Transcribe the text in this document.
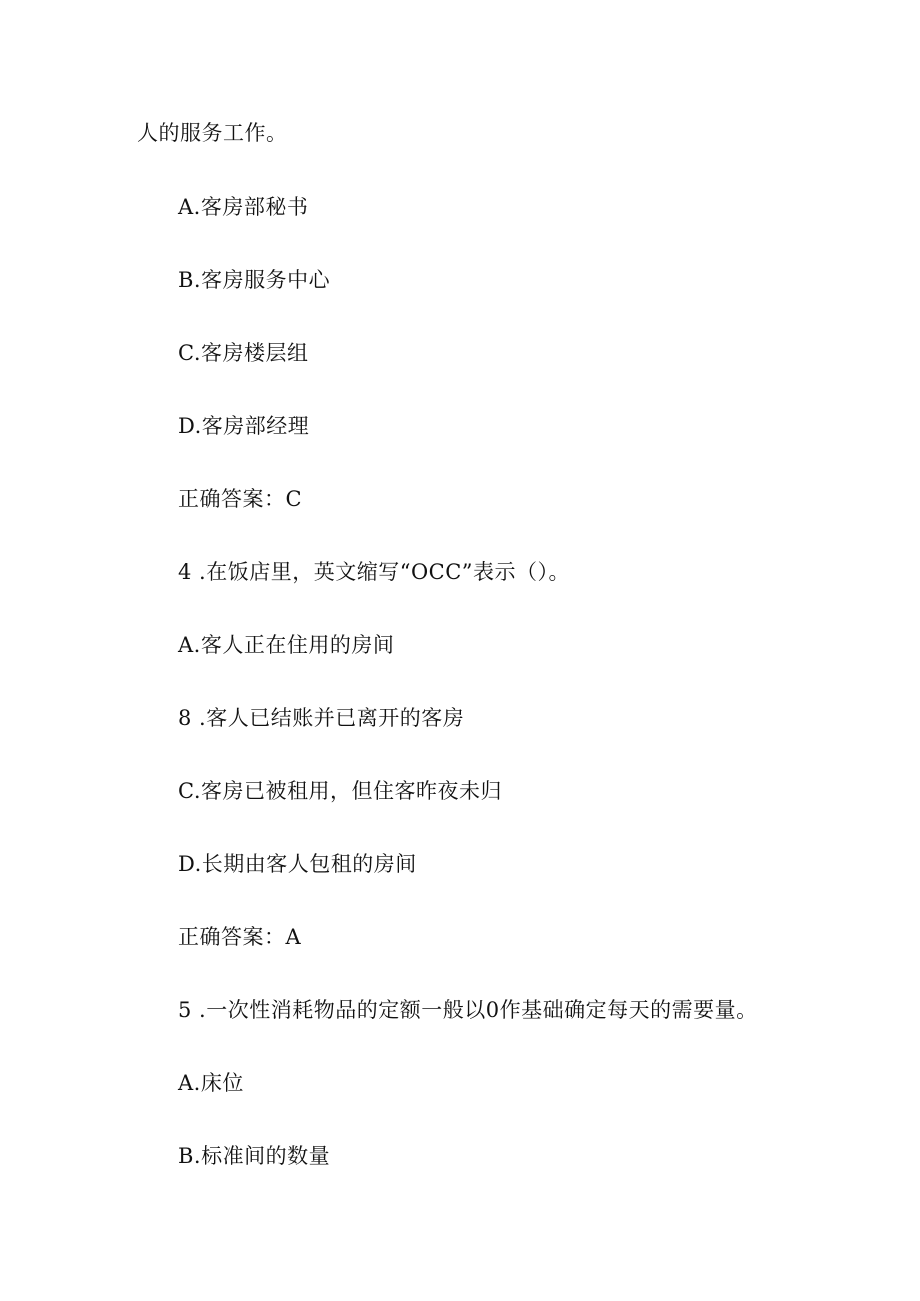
人的服务工作。
A.客房部秘书
B.客房服务中心
C.客房楼层组
D.客房部经理
正确答案：C
4 .在饭店里，英文缩写“OCC”表示（）。
A.客人正在住用的房间
8 .客人已结账并已离开的客房
C.客房已被租用，但住客昨夜未归
D.长期由客人包租的房间
正确答案：A
5 .一次性消耗物品的定额一般以0作基础确定每天的需要量。
A.床位
B.标准间的数量
